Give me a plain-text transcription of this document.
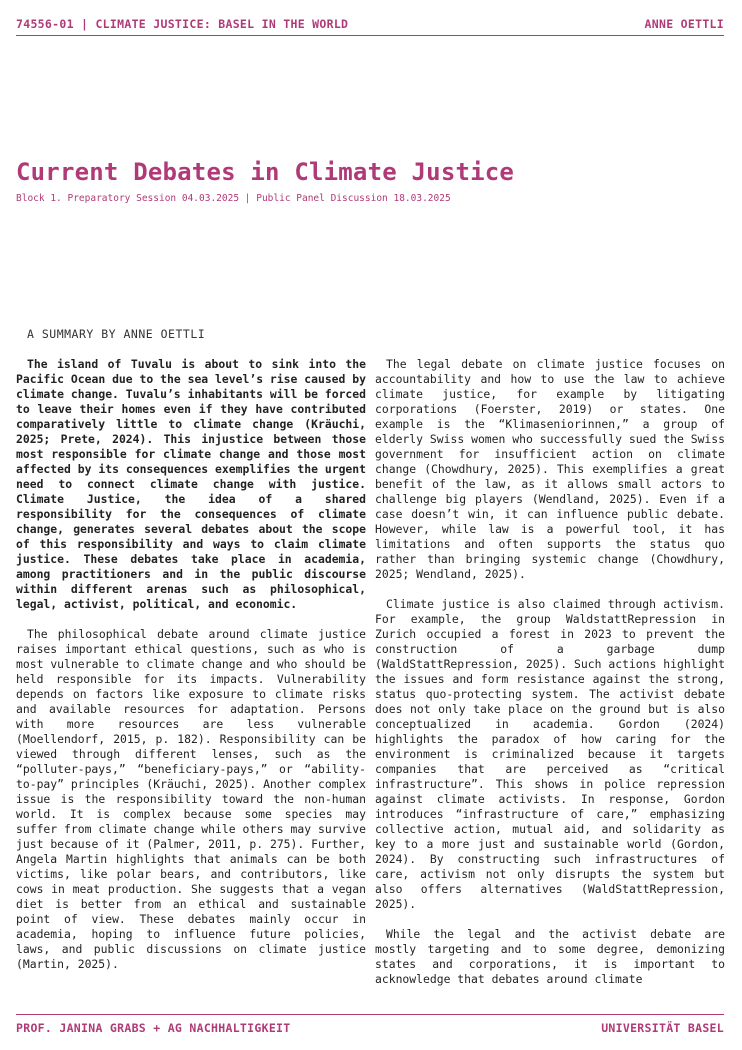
74556-01 | CLIMATE JUSTICE: BASEL IN THE WORLD	ANNE OETTLI
Current Debates in Climate Justice
Block 1. Preparatory Session 04.03.2025 | Public Panel Discussion 18.03.2025
A SUMMARY BY ANNE OETTLI

The island of Tuvalu is about to sink into the Pacific Ocean due to the sea level’s rise caused by climate change. Tuvalu’s inhabitants will be forced to leave their homes even if they have contributed comparatively little to climate change (Kräuchi, 2025; Prete, 2024). This injustice between those most responsible for climate change and those most affected by its consequences exemplifies the urgent need to connect climate change with justice. Climate Justice, the idea of a shared responsibility for the consequences of climate change, generates several debates about the scope of this responsibility and ways to claim climate justice. These debates take place in academia, among practitioners and in the public discourse within different arenas such as philosophical, legal, activist, political, and economic.

The philosophical debate around climate justice raises important ethical questions, such as who is most vulnerable to climate change and who should be held responsible for its impacts. Vulnerability depends on factors like exposure to climate risks and available resources for adaptation. Persons with more resources are less vulnerable (Moellendorf, 2015, p. 182). Responsibility can be viewed through different lenses, such as the “polluter-pays,” “beneficiary-pays,” or “ability-to-pay” principles (Kräuchi, 2025). Another complex issue is the responsibility toward the non-human world. It is complex because some species may suffer from climate change while others may survive just because of it (Palmer, 2011, p. 275). Further, Angela Martin highlights that animals can be both victims, like polar bears, and contributors, like cows in meat production. She suggests that a vegan diet is better from an ethical and sustainable point of view. These debates mainly occur in academia, hoping to influence future policies, laws, and public discussions on climate justice (Martin, 2025).

The legal debate on climate justice focuses on accountability and how to use the law to achieve climate justice, for example by litigating corporations (Foerster, 2019) or states. One example is the “Klimaseniorinnen,” a group of elderly Swiss women who successfully sued the Swiss government for insufficient action on climate change (Chowdhury, 2025). This exemplifies a great benefit of the law, as it allows small actors to challenge big players (Wendland, 2025). Even if a case doesn’t win, it can influence public debate. However, while law is a powerful tool, it has limitations and often supports the status quo rather than bringing systemic change (Chowdhury, 2025; Wendland, 2025).

Climate justice is also claimed through activism. For example, the group WaldstattRepression in Zurich occupied a forest in 2023 to prevent the construction of a garbage dump (WaldStattRepression, 2025). Such actions highlight the issues and form resistance against the strong, status quo-protecting system. The activist debate does not only take place on the ground but is also conceptualized in academia. Gordon (2024) highlights the paradox of how caring for the environment is criminalized because it targets companies that are perceived as “critical infrastructure”. This shows in police repression against climate activists. In response, Gordon introduces “infrastructure of care,” emphasizing collective action, mutual aid, and solidarity as key to a more just and sustainable world (Gordon, 2024). By constructing such infrastructures of care, activism not only disrupts the system but also offers alternatives (WaldStattRepression, 2025).

While the legal and the activist debate are mostly targeting and to some degree, demonizing states and corporations, it is important to acknowledge that debates around climate

PROF. JANINA GRABS + AG NACHHALTIGKEIT	UNIVERSITÄT BASEL
